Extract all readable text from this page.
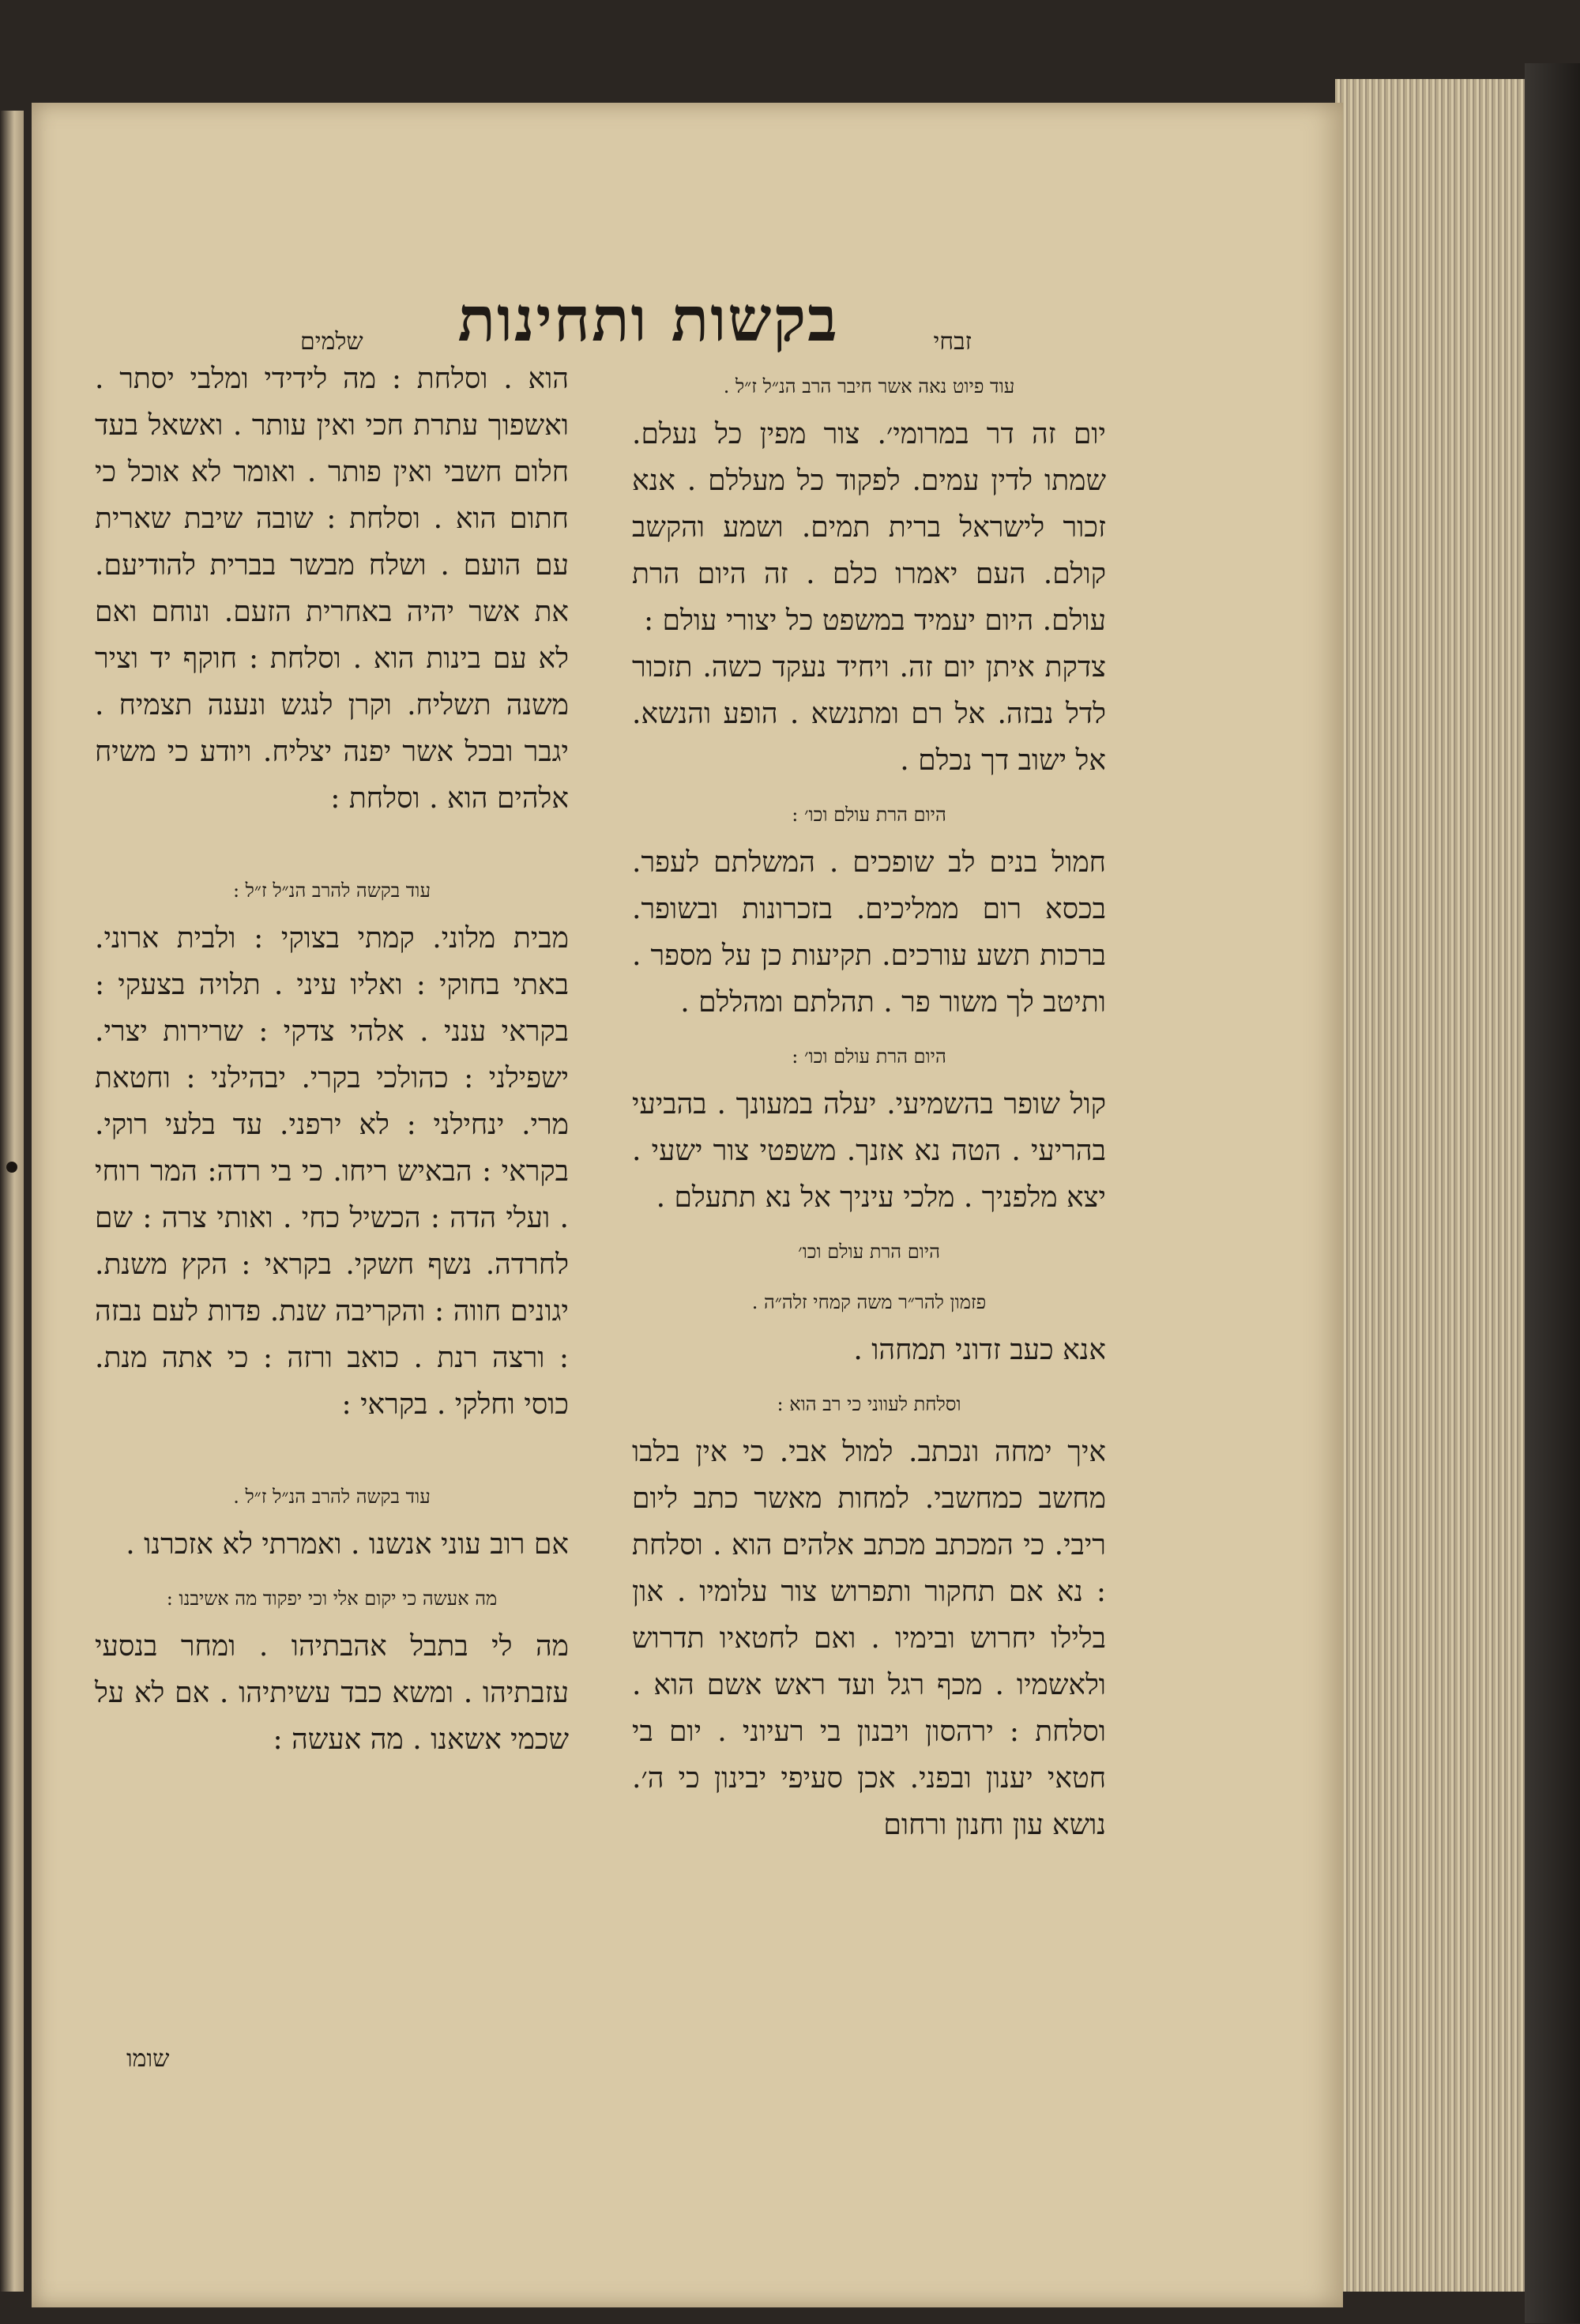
זבחי
בקשות ותחינות
שלמים

עוד פיוט נאה אשר חיבר הרב הנ״ל ז״ל .

יום זה דר במרומי׳. צור מפין כל נעלם. שמתו לדין עמים. לפקוד כל מעללם . אנא זכור לישראל ברית תמים. ושמע והקשב קולם. העם יאמרו כלם . זה היום הרת עולם. היום יעמיד במשפט כל יצורי עולם :

צדקת איתן יום זה. ויחיד נעקד כשה. תזכור לדל נבזה. אל רם ומתנשא . הופע והנשא. אל ישוב דך נכלם .

היום הרת עולם וכו׳ :

חמול בנים לב שופכים . המשלתם לעפר. בכסא רום ממליכים. בזכרונות ובשופר. ברכות תשע עורכים. תקיעות כן על מספר . ותיטב לך משור פר . תהלתם ומהללם .

היום הרת עולם וכו׳ :

קול שופר בהשמיעי. יעלה במעונך . בהביעי בהריעי . הטה נא אזנך. משפטי צור ישעי . יצא מלפניך . מלכי עיניך אל נא תתעלם .

היום הרת עולם וכו׳

פזמון להר״ר משה קמחי זלה״ה .

אנא כעב זדוני תמחהו .

וסלחת לעווני כי רב הוא :

איך ימחה ונכתב. למול אבי. כי אין בלבו מחשב כמחשבי. למחות מאשר כתב ליום ריבי. כי המכתב מכתב אלהים הוא . וסלחת : נא אם תחקור ותפרוש צור עלומיו . און בלילו יחרוש ובימיו . ואם לחטאיו תדרוש ולאשמיו . מכף רגל ועד ראש אשם הוא . וסלחת : ירהסון ויבנון בי רעיוני . יום בי חטאי יענון ובפני. אכן סעיפי יבינון כי ה׳. נושא עון וחנון ורחום

הוא . וסלחת : מה לידידי ומלבי יסתר . ואשפוך עתרת חכי ואין עותר . ואשאל בעד חלום חשבי ואין פותר . ואומר לא אוכל כי חתום הוא . וסלחת : שובה שיבת שארית עם הועם . ושלח מבשר בברית להודיעם. את אשר יהיה באחרית הזעם. ונוחם ואם לא עם בינות הוא . וסלחת : חוקף יד וציר משנה תשליח. וקרן לנגש ונענה תצמיח . יגבר ובכל אשר יפנה יצליח. ויודע כי משיח אלהים הוא . וסלחת :

עוד בקשה להרב הנ״ל ז״ל :

מבית מלוני. קמתי בצוקי : ולבית ארוני. באתי בחוקי : ואליו עיני . תלויה בצעקי : בקראי ענני . אלהי צדקי : שרירות יצרי. ישפילני : כהולכי בקרי. יבהילני : וחטאת מרי. ינחילני : לא ירפני. עד בלעי רוקי. בקראי : הבאיש ריחו. כי בי רדה: המר רוחי . ועלי הדה : הכשיל כחי . ואותי צרה : שם לחרדה. נשף חשקי. בקראי : הקץ משנת. יגונים חווה : והקריבה שנת. פדות לעם נבזה : ורצה רנת . כואב ורזה : כי אתה מנת. כוסי וחלקי . בקראי :

עוד בקשה להרב הנ״ל ז״ל .

אם רוב עוני אנשנו . ואמרתי לא אזכרנו .

מה אעשה כי יקום אלי וכי יפקוד מה אשיבנו :

מה לי בתבל אהבתיהו . ומחר בנסעי עזבתיהו . ומשא כבד עשיתיהו . אם לא על שכמי אשאנו . מה אעשה :

שומו
